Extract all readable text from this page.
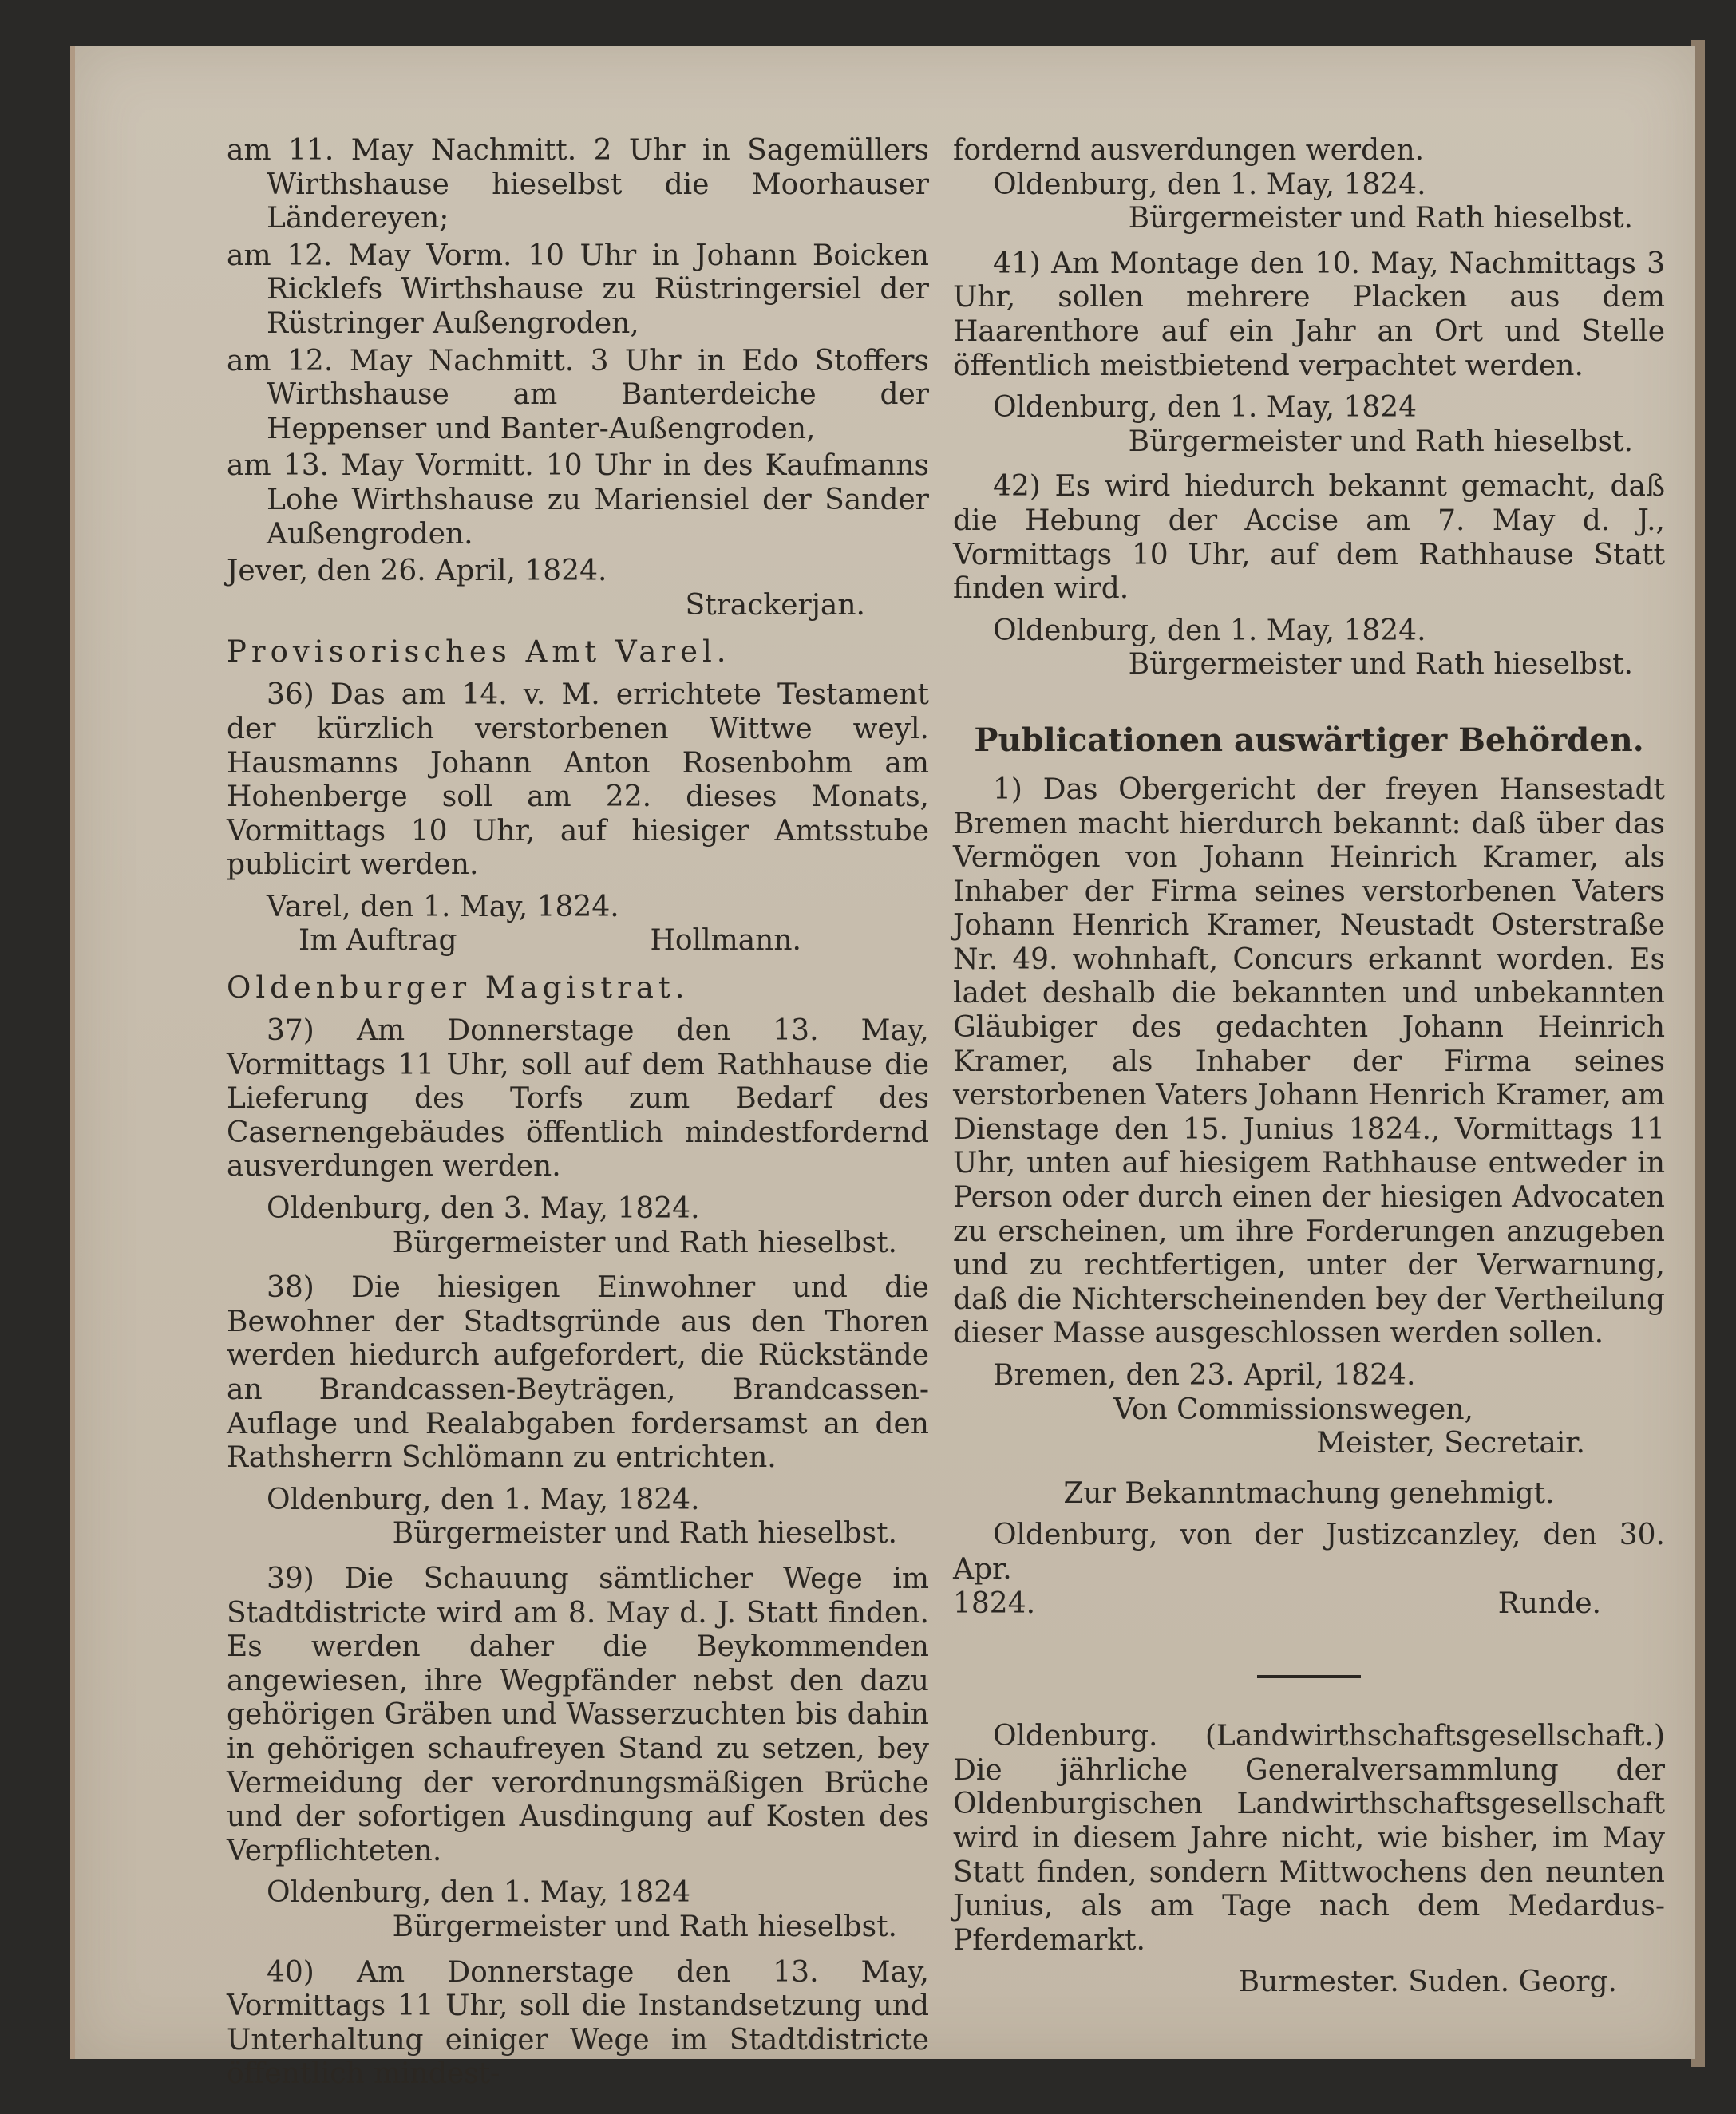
am 11. May Nachmitt. 2 Uhr in Sagemüllers Wirthshause hieselbst die Moorhauser Ländereyen;

am 12. May Vorm. 10 Uhr in Johann Boicken Ricklefs Wirthshause zu Rüstringersiel der Rüstringer Außengroden,

am 12. May Nachmitt. 3 Uhr in Edo Stoffers Wirthshause am Banterdeiche der Heppenser und Banter-Außengroden,

am 13. May Vormitt. 10 Uhr in des Kaufmanns Lohe Wirthshause zu Mariensiel der Sander Außengroden.

Jever, den 26. April, 1824.

Strackerjan.

Provisorisches Amt Varel.

36) Das am 14. v. M. errichtete Testament der kürzlich verstorbenen Wittwe weyl. Hausmanns Johann Anton Rosenbohm am Hohenberge soll am 22. dieses Monats, Vormittags 10 Uhr, auf hiesiger Amtsstube publicirt werden.

Varel, den 1. May, 1824.

Im Auftrag	Hollmann.

Oldenburger Magistrat.

37) Am Donnerstage den 13. May, Vormittags 11 Uhr, soll auf dem Rathhause die Lieferung des Torfs zum Bedarf des Casernengebäudes öffentlich mindestfordernd ausverdungen werden.

Oldenburg, den 3. May, 1824.

Bürgermeister und Rath hieselbst.

38) Die hiesigen Einwohner und die Bewohner der Stadtsgründe aus den Thoren werden hiedurch aufgefordert, die Rückstände an Brandcassen-Beyträgen, Brandcassen-Auflage und Realabgaben fordersamst an den Rathsherrn Schlömann zu entrichten.

Oldenburg, den 1. May, 1824.

Bürgermeister und Rath hieselbst.

39) Die Schauung sämtlicher Wege im Stadtdistricte wird am 8. May d. J. Statt finden. Es werden daher die Beykommenden angewiesen, ihre Wegpfänder nebst den dazu gehörigen Gräben und Wasserzuchten bis dahin in gehörigen schaufreyen Stand zu setzen, bey Vermeidung der verordnungsmäßigen Brüche und der sofortigen Ausdingung auf Kosten des Verpflichteten.

Oldenburg, den 1. May, 1824

Bürgermeister und Rath hieselbst.

40) Am Donnerstage den 13. May, Vormittags 11 Uhr, soll die Instandsetzung und Unterhaltung einiger Wege im Stadtdistricte öffentlich mindest-

fordernd ausverdungen werden.

Oldenburg, den 1. May, 1824.

Bürgermeister und Rath hieselbst.

41) Am Montage den 10. May, Nachmittags 3 Uhr, sollen mehrere Placken aus dem Haarenthore auf ein Jahr an Ort und Stelle öffentlich meistbietend verpachtet werden.

Oldenburg, den 1. May, 1824

Bürgermeister und Rath hieselbst.

42) Es wird hiedurch bekannt gemacht, daß die Hebung der Accise am 7. May d. J., Vormittags 10 Uhr, auf dem Rathhause Statt finden wird.

Oldenburg, den 1. May, 1824.

Bürgermeister und Rath hieselbst.

Publicationen auswärtiger Behörden.

1) Das Obergericht der freyen Hansestadt Bremen macht hierdurch bekannt: daß über das Vermögen von Johann Heinrich Kramer, als Inhaber der Firma seines verstorbenen Vaters Johann Henrich Kramer, Neustadt Osterstraße Nr. 49. wohnhaft, Concurs erkannt worden. Es ladet deshalb die bekannten und unbekannten Gläubiger des gedachten Johann Heinrich Kramer, als Inhaber der Firma seines verstorbenen Vaters Johann Henrich Kramer, am Dienstage den 15. Junius 1824., Vormittags 11 Uhr, unten auf hiesigem Rathhause entweder in Person oder durch einen der hiesigen Advocaten zu erscheinen, um ihre Forderungen anzugeben und zu rechtfertigen, unter der Verwarnung, daß die Nichterscheinenden bey der Vertheilung dieser Masse ausgeschlossen werden sollen.

Bremen, den 23. April, 1824.

Von Commissionswegen,

Meister, Secretair.

Zur Bekanntmachung genehmigt.

Oldenburg, von der Justizcanzley, den 30. Apr.

1824.	Runde.

Oldenburg. (Landwirthschaftsgesellschaft.) Die jährliche Generalversammlung der Oldenburgischen Landwirthschaftsgesellschaft wird in diesem Jahre nicht, wie bisher, im May Statt finden, sondern Mittwochens den neunten Junius, als am Tage nach dem Medardus-Pferdemarkt.

Burmester. Suden. Georg.
